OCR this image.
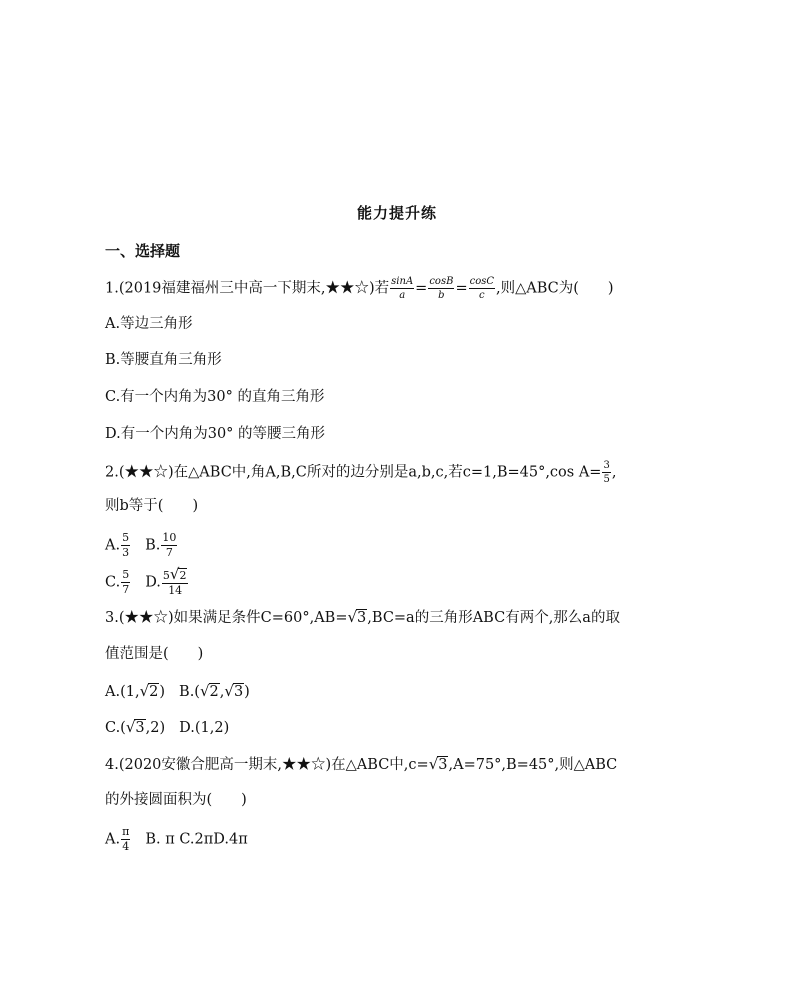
能力提升练
一、选择题
1.(2019福建福州三中高一下期末,★★☆)若 $\frac{\sin A}{a} = \frac{\cos B}{b} = \frac{\cos C}{c}$ ,则△ABC为(　　)
A.等边三角形
B.等腰直角三角形
C.有一个内角为30° 的直角三角形
D.有一个内角为30° 的等腰三角形
2.(★★☆)在△ABC中,角A,B,C所对的边分别是a,b,c,若c=1,B=45°,cos $A= \frac{3}{5}$ ,
则b等于(　　)
A. $\frac{5}{3} B$. $\frac{10}{7}$
C. $\frac{5}{7} D$. $\frac{5√2}{14}$
3.(★★☆)如果满足条件C=60°,AB=√3,BC=a的三角形ABC有两个,那么a的取
值范围是(　　)
A.(1,√2) B.(√2,√3)
C.(√3,2) D.(1,2)
4.(2020安徽合肥高一期末,★★☆)在△ABC中,c=√3,A=75°,B=45°,则△ABC
的外接圆面积为(　　)
A. $\frac{\pi}{4} B$. π C.2πD.4π
